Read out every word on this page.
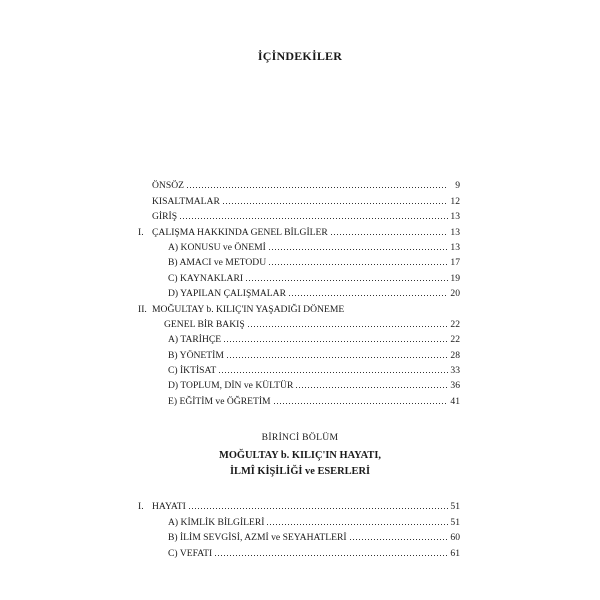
İÇİNDEKİLER
ÖNSÖZ	9
KISALTMALAR	12
GİRİŞ	13
I. ÇALIŞMA HAKKINDA GENEL BİLGİLER	13
A) KONUSU ve ÖNEMİ	13
B) AMACI ve METODU	17
C) KAYNAKLARI	19
D) YAPILAN ÇALIŞMALAR	20
II. MOĞULTAY b. KILIÇ'IN YAŞADIĞI DÖNEME
GENEL BİR BAKIŞ	22
A) TARİHÇE	22
B) YÖNETİM	28
C) İKTİSAT	33
D) TOPLUM, DİN ve KÜLTÜR	36
E) EĞİTİM ve ÖĞRETİM	41
BİRİNCİ BÖLÜM
MOĞULTAY b. KILIÇ'IN HAYATI,
İLMÎ KİŞİLİĞİ ve ESERLERİ
I. HAYATI	51
A) KİMLİK BİLGİLERİ	51
B) İLİM SEVGİSİ, AZMİ ve SEYAHATLERİ	60
C) VEFATI	61
